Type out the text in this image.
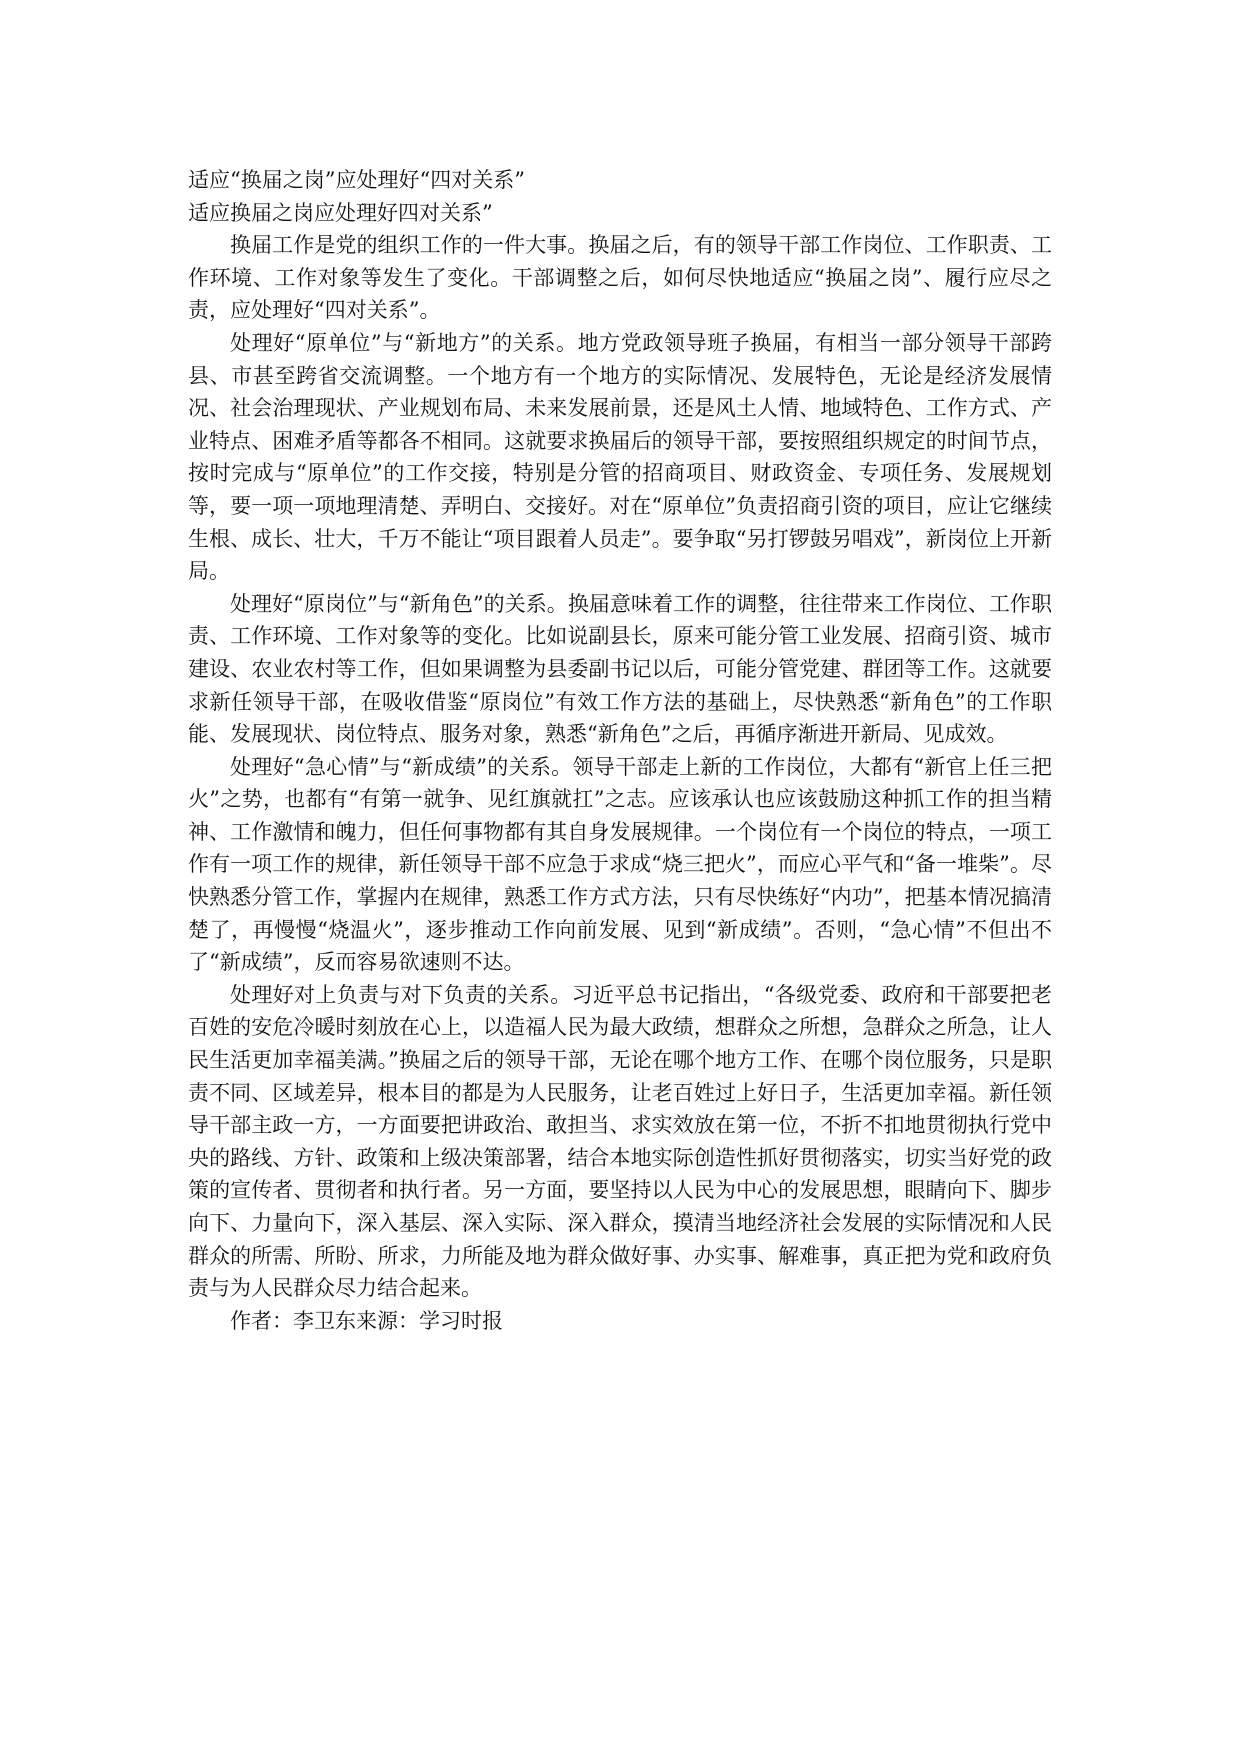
适应“换届之岗”应处理好“四对关系”

适应换届之岗应处理好四对关系”

换届工作是党的组织工作的一件大事。换届之后，有的领导干部工作岗位、工作职责、工作环境、工作对象等发生了变化。干部调整之后，如何尽快地适应“换届之岗”、履行应尽之责，应处理好“四对关系”。

处理好“原单位”与“新地方”的关系。地方党政领导班子换届，有相当一部分领导干部跨县、市甚至跨省交流调整。一个地方有一个地方的实际情况、发展特色，无论是经济发展情况、社会治理现状、产业规划布局、未来发展前景，还是风土人情、地域特色、工作方式、产业特点、困难矛盾等都各不相同。这就要求换届后的领导干部，要按照组织规定的时间节点，按时完成与“原单位”的工作交接，特别是分管的招商项目、财政资金、专项任务、发展规划等，要一项一项地理清楚、弄明白、交接好。对在“原单位”负责招商引资的项目，应让它继续生根、成长、壮大，千万不能让“项目跟着人员走”。要争取“另打锣鼓另唱戏”，新岗位上开新局。

处理好“原岗位”与“新角色”的关系。换届意味着工作的调整，往往带来工作岗位、工作职责、工作环境、工作对象等的变化。比如说副县长，原来可能分管工业发展、招商引资、城市建设、农业农村等工作，但如果调整为县委副书记以后，可能分管党建、群团等工作。这就要求新任领导干部，在吸收借鉴“原岗位”有效工作方法的基础上，尽快熟悉“新角色”的工作职能、发展现状、岗位特点、服务对象，熟悉“新角色”之后，再循序渐进开新局、见成效。

处理好“急心情”与“新成绩”的关系。领导干部走上新的工作岗位，大都有“新官上任三把火”之势，也都有“有第一就争、见红旗就扛”之志。应该承认也应该鼓励这种抓工作的担当精神、工作激情和魄力，但任何事物都有其自身发展规律。一个岗位有一个岗位的特点，一项工作有一项工作的规律，新任领导干部不应急于求成“烧三把火”，而应心平气和“备一堆柴”。尽快熟悉分管工作，掌握内在规律，熟悉工作方式方法，只有尽快练好“内功”，把基本情况搞清楚了，再慢慢“烧温火”，逐步推动工作向前发展、见到“新成绩”。否则，“急心情”不但出不了“新成绩”，反而容易欲速则不达。

处理好对上负责与对下负责的关系。习近平总书记指出，“各级党委、政府和干部要把老百姓的安危冷暖时刻放在心上，以造福人民为最大政绩，想群众之所想，急群众之所急，让人民生活更加幸福美满。”换届之后的领导干部，无论在哪个地方工作、在哪个岗位服务，只是职责不同、区域差异，根本目的都是为人民服务，让老百姓过上好日子，生活更加幸福。新任领导干部主政一方，一方面要把讲政治、敢担当、求实效放在第一位，不折不扣地贯彻执行党中央的路线、方针、政策和上级决策部署，结合本地实际创造性抓好贯彻落实，切实当好党的政策的宣传者、贯彻者和执行者。另一方面，要坚持以人民为中心的发展思想，眼睛向下、脚步向下、力量向下，深入基层、深入实际、深入群众，摸清当地经济社会发展的实际情况和人民群众的所需、所盼、所求，力所能及地为群众做好事、办实事、解难事，真正把为党和政府负责与为人民群众尽力结合起来。

作者：李卫东来源：学习时报
